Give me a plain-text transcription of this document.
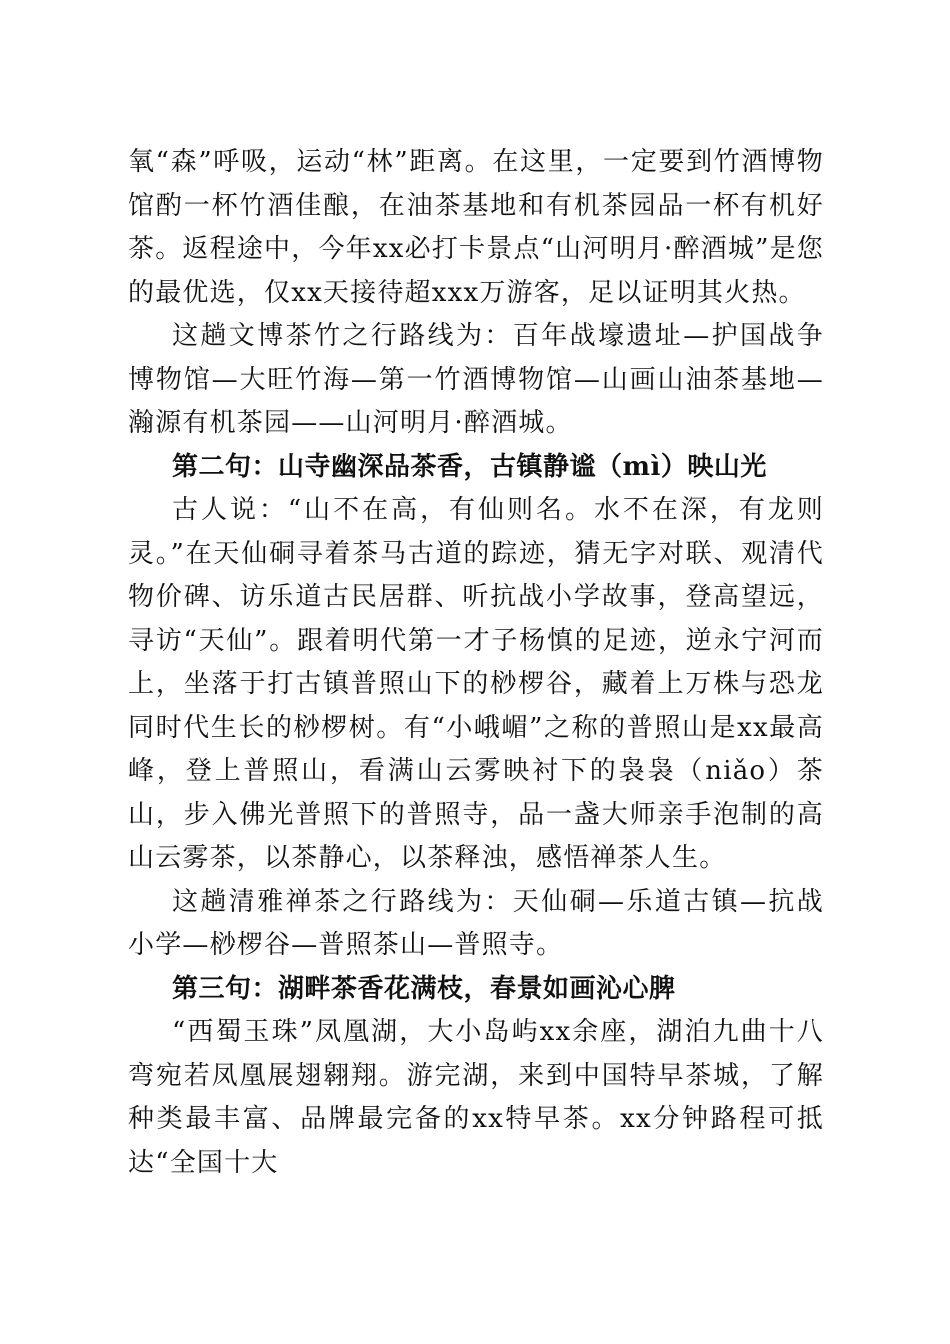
氧“森”呼吸，运动“林”距离。在这里，一定要到竹酒博物馆酌一杯竹酒佳酿，在油茶基地和有机茶园品一杯有机好茶。返程途中，今年xx必打卡景点“山河明月·醉酒城”是您的最优选，仅xx天接待超xxx万游客，足以证明其火热。

这趟文博茶竹之行路线为：百年战壕遗址—护国战争博物馆—大旺竹海—第一竹酒博物馆—山画山油茶基地—瀚源有机茶园——山河明月·醉酒城。

第二句：山寺幽深品茶香，古镇静谧（mì）映山光

古人说：“山不在高，有仙则名。水不在深，有龙则灵。”在天仙硐寻着茶马古道的踪迹，猜无字对联、观清代物价碑、访乐道古民居群、听抗战小学故事，登高望远，寻访“天仙”。跟着明代第一才子杨慎的足迹，逆永宁河而上，坐落于打古镇普照山下的桫椤谷，藏着上万株与恐龙同时代生长的桫椤树。有“小峨嵋”之称的普照山是xx最高峰，登上普照山，看满山云雾映衬下的袅袅（niǎo）茶山，步入佛光普照下的普照寺，品一盏大师亲手泡制的高山云雾茶，以茶静心，以茶释浊，感悟禅茶人生。

这趟清雅禅茶之行路线为：天仙硐—乐道古镇—抗战小学—桫椤谷—普照茶山—普照寺。

第三句：湖畔茶香花满枝，春景如画沁心脾

“西蜀玉珠”凤凰湖，大小岛屿xx余座，湖泊九曲十八弯宛若凤凰展翅翱翔。游完湖，来到中国特早茶城，了解种类最丰富、品牌最完备的xx特早茶。xx分钟路程可抵达“全国十大
